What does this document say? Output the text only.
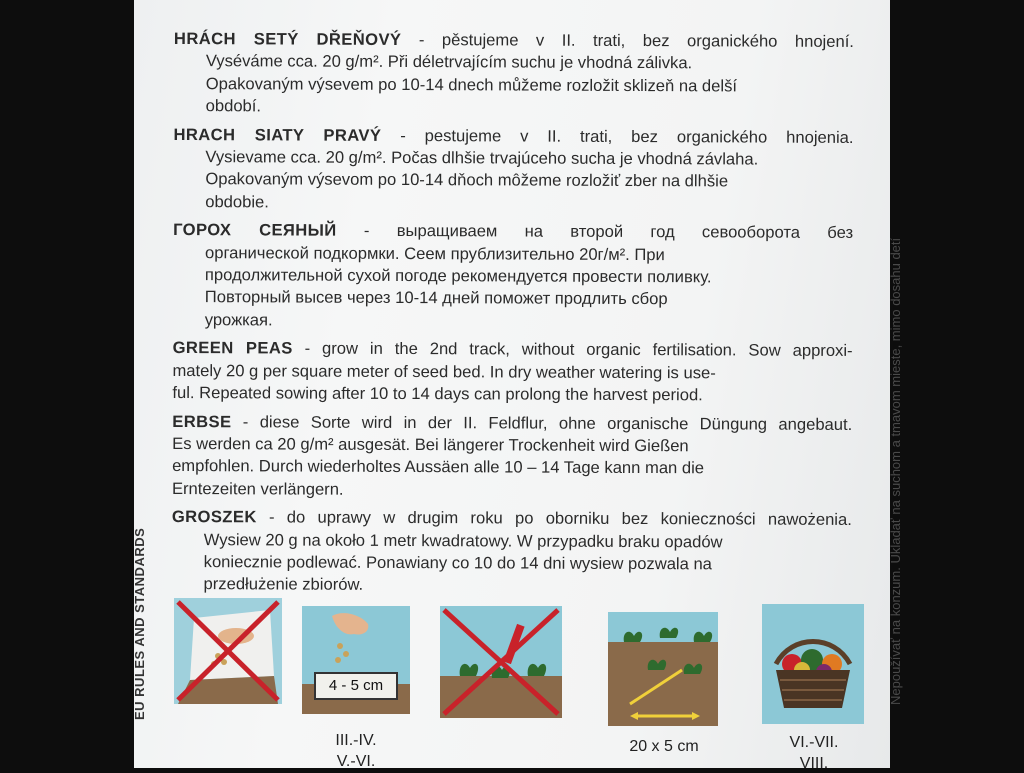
HRÁCH SETÝ DŘEŇOVÝ - pěstujeme v II. trati, bez organického hnojení.
Vyséváme cca. 20 g/m². Při déletrvajícím suchu je vhodná zálivka.
Opakovaným výsevem po 10-14 dnech můžeme rozložit sklizeň na delší
období.
HRACH SIATY PRAVÝ - pestujeme v II. trati, bez organického hnojenia.
Vysievame cca. 20 g/m². Počas dlhšie trvajúceho sucha je vhodná závlaha.
Opakovaným výsevom po 10-14 dňoch môžeme rozložiť zber na dlhšie
obdobie.
ГОРОХ СЕЯНЫЙ - выращиваем на второй год севооборота без
органической подкормки. Сеем прублизительно 20г/м². При
продолжительной сухой погоде рекомендуется провести поливку.
Повторный высев через 10-14 дней поможет продлить сбор
урожкая.
GREEN PEAS - grow in the 2nd track, without organic fertilisation. Sow approxi-
mately 20 g per square meter of seed bed. In dry weather watering is use-
ful. Repeated sowing after 10 to 14 days can prolong the harvest period.
ERBSE - diese Sorte wird in der II. Feldflur, ohne organische Düngung angebaut.
Es werden ca 20 g/m² ausgesät. Bei längerer Trockenheit wird Gießen
empfohlen. Durch wiederholtes Aussäen alle 10 – 14 Tage kann man die
Erntezeiten verlängern.
GROSZEK - do uprawy w drugim roku po oborniku bez konieczności nawożenia.
Wysiew 20 g na około 1 metr kwadratowy. W przypadku braku opadów
koniecznie podlewać. Ponawiany co 10 do 14 dni wysiew pozwala na
przedłużenie zbiorów.
EU RULES AND STANDARDS	Nepoužívať na konzum. Ukladať na suchom a tmavom mieste, mimo dosahu detí
4 - 5 cm
III.-IV.
V.-VI.
20 x 5 cm	VI.-VII.
VIII.
